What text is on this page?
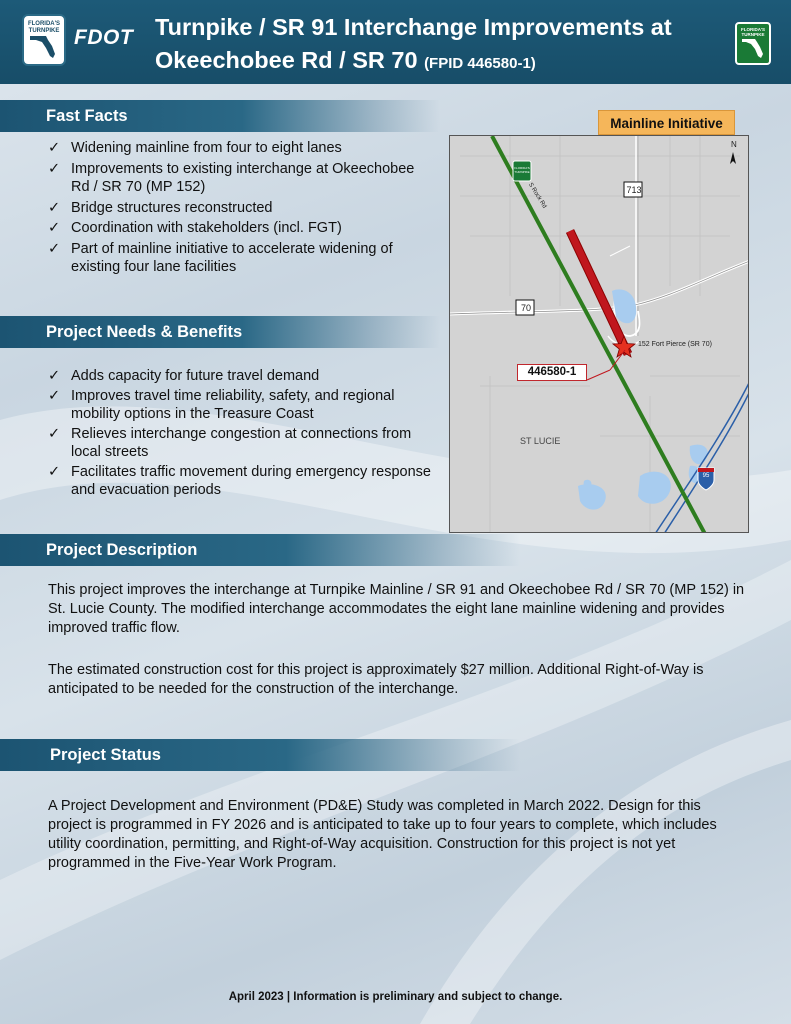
FLORIDA'S TURNPIKE FDOT Turnpike / SR 91 Interchange Improvements at
Okeechobee Rd / SR 70 (FPID 446580-1)
FLORIDA'S TURNPIKE
Fast Facts
✓ Widening mainline from four to eight lanes
✓ Improvements to existing interchange at Okeechobee Rd / SR 70 (MP 152)
✓ Bridge structures reconstructed
✓ Coordination with stakeholders (incl. FGT)
✓ Part of mainline initiative to accelerate widening of existing four lane facilities
Project Needs & Benefits
✓ Adds capacity for future travel demand
✓ Improves travel time reliability, safety, and regional mobility options in the Treasure Coast
✓ Relieves interchange congestion at connections from local streets
✓ Facilitates traffic movement during emergency response and evacuation periods
Mainline Initiative
N
713
70
95
FLORIDA'S TURNPIKE
S Rock Rd
152 Fort Pierce (SR 70)
446580-1
ST LUCIE
Project Description
This project improves the interchange at Turnpike Mainline / SR 91 and Okeechobee Rd / SR 70 (MP 152) in St. Lucie County. The modified interchange accommodates the eight lane mainline widening and provides improved traffic flow.
The estimated construction cost for this project is approximately $27 million. Additional Right-of-Way is anticipated to be needed for the construction of the interchange.
Project Status
A Project Development and Environment (PD&E) Study was completed in March 2022. Design for this project is programmed in FY 2026 and is anticipated to take up to four years to complete, which includes utility coordination, permitting, and Right-of-Way acquisition. Construction for this project is not yet programmed in the Five-Year Work Program.
April 2023 | Information is preliminary and subject to change.
